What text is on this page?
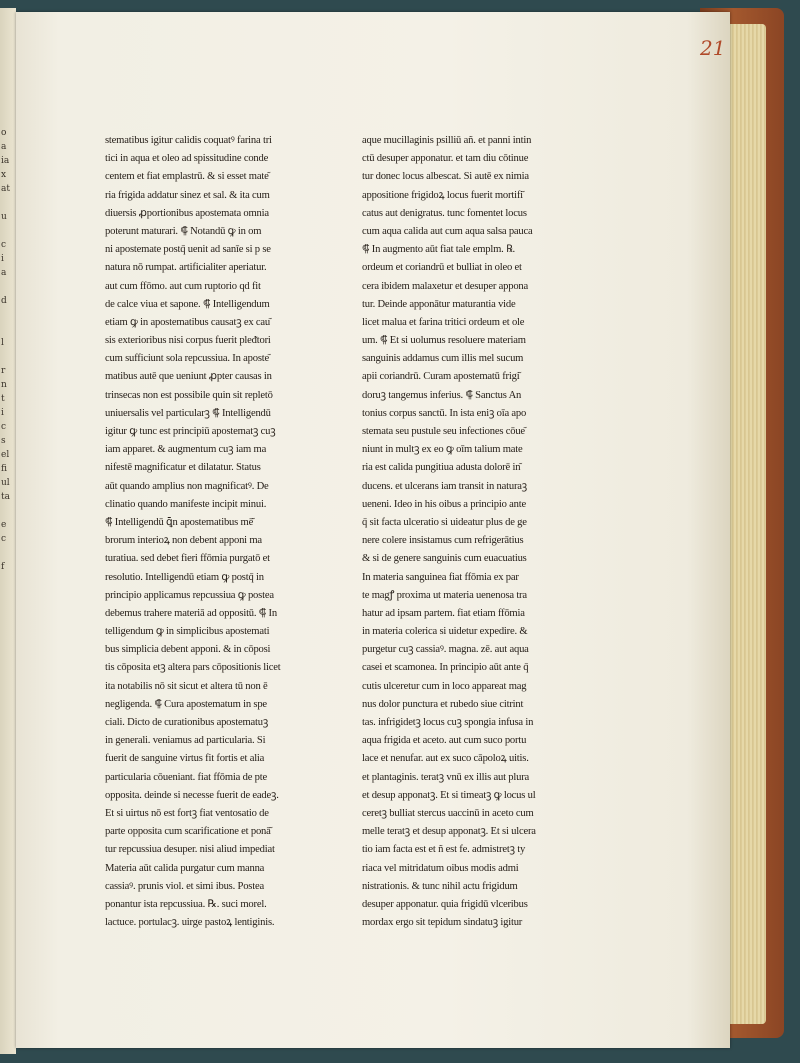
o
a
ia
x
at
u
c
i
a
d
l
r
n
t
i
c
s
el
fi
ul
ta
e
c
f
21
stematibus igitur calidis coquatꝰ farina tri
tici in aqua et oleo ad spissitudine conde
centem et fiat emplastrū. & si esset mate͂
ria frigida addatur sinez et sal. & ita cum
diuersis ꝓportionibus apostemata omnia
poterunt maturari. ⸿ Notandū ꝙ in om
ni apostemate postq̄ uenit ad sanīe si p se
natura nō rumpat. artificialiter aperiatur.
aut cum ffōmo. aut cum ruptorio qd fit
de calce viua et sapone. ⸿ Intelligendum
etiam ꝙ in apostematibus causatꝫ ex cau͂
sis exterioribus nisi corpus fuerit pleᵭtori
cum sufficiunt sola repcussiua. In aposte͂
matibus autē que ueniunt ꝓpter causas in
trinsecas non est possibile quin sit repletō
uniuersalis vel particularꝫ ⸿ Intelligendū
igitur ꝙ tunc est principiū apostematꝫ cuꝫ
iam apparet. & augmentum cuꝫ iam ma
nifestē magnificatur et dilatatur. Status
aūt quando amplius non magnificatꝰ. De
clinatio quando manifeste incipit minui.
⸿ Intelligendū ꝗ̄n apostematibus mē͂
brorum interioꝝ non debent apponi ma
turatiua. sed debet fieri ffōmia purgatō et
resolutio. Intelligendū etiam ꝙ postq̄ in
principio applicamus repcussiua ꝙ postea
debemus trahere materiā ad oppositū. ⸿ In
telligendum ꝙ in simplicibus apostemati
bus simplicia debent apponi. & in cōposi
tis cōposita etꝫ altera pars cōpositionis licet
ita notabilis nō sit sicut et altera tū non ē
negligenda. ⸿ Cura apostematum in spe
ciali. Dicto de curationibus apostematuꝫ
in generali. veniamus ad particularia. Si
fuerit de sanguine virtus fit fortis et alia
particularia cōueniant. fiat ffōmia de pte
opposita. deinde si necesse fuerit de eadeꝫ.
Et si uirtus nō est fortꝫ fiat ventosatio de
parte opposita cum scarificatione et ponā͂
tur repcussiua desuper. nisi aliud impediat
Materia aūt calida purgatur cum manna
cassiaꝰ. prunis viol. et simi ibus. Postea
ponantur ista repcussiua. ℞. suci morel.
lactuce. portulacꝫ. uirge pastoꝝ lentiginis.
aque mucillaginis psilliū añ. et panni intin
ctū desuper apponatur. et tam diu cōtinue
tur donec locus albescat. Si autē ex nimia
appositione frigidoꝝ locus fuerit mortifi͂
catus aut denigratus. tunc fomentet locus
cum aqua calida aut cum aqua salsa pauca
⸿ In augmento aūt fiat tale emplm. ℞.
ordeum et coriandrū et bulliat in oleo et
cera ibidem malaxetur et desuper appona
tur. Deinde apponātur maturantia vide
licet malua et farina tritici ordeum et ole
um. ⸿ Et si uolumus resoluere materiam
sanguinis addamus cum illis mel sucum
apii coriandrū. Curam apostematū frigi͂
doruꝫ tangemus inferius. ⸿ Sanctus An
tonius corpus sanctū. In ista eniꝫ oīa apo
stemata seu pustule seu infectiones cōue͂
niunt in multꝫ ex eo ꝙ oīm talium mate
ria est calida pungitiua adusta dolorē in͂
ducens. et ulcerans iam transit in naturaꝫ
ueneni. Ideo in his oibus a principio ante
q̄ sit facta ulceratio si uideatur plus de ge
nere colere insistamus cum refrigerātius
& si de genere sanguinis cum euacuatius
In materia sanguinea fiat ffōmia ex par
te magꝭ proxima ut materia uenenosa tra
hatur ad ipsam partem. fiat etiam ffōmia
in materia colerica si uidetur expedire. &
purgetur cuꝫ cassiaꝰ. magna. zē. aut aqua
casei et scamonea. In principio aūt ante q̄
cutis ulceretur cum in loco appareat mag
nus dolor punctura et rubedo siue citrint
tas. infrigidetꝫ locus cuꝫ spongia infusa in
aqua frigida et aceto. aut cum suco portu
lace et nenufar. aut ex suco cāpoloꝝ uitis.
et plantaginis. teratꝫ vnū ex illis aut plura
et desup apponatꝫ. Et si timeatꝫ ꝙ locus ul
ceretꝫ bulliat stercus uaccinū in aceto cum
melle teratꝫ et desup apponatꝫ. Et si ulcera
tio iam facta est et ñ est fe. admistretꝫ ty
riaca vel mitridatum oibus modis admi
nistrationis. & tunc nihil actu frigidum
desuper apponatur. quia frigidū vlceribus
mordax ergo sit tepidum sindatuꝫ igitur
